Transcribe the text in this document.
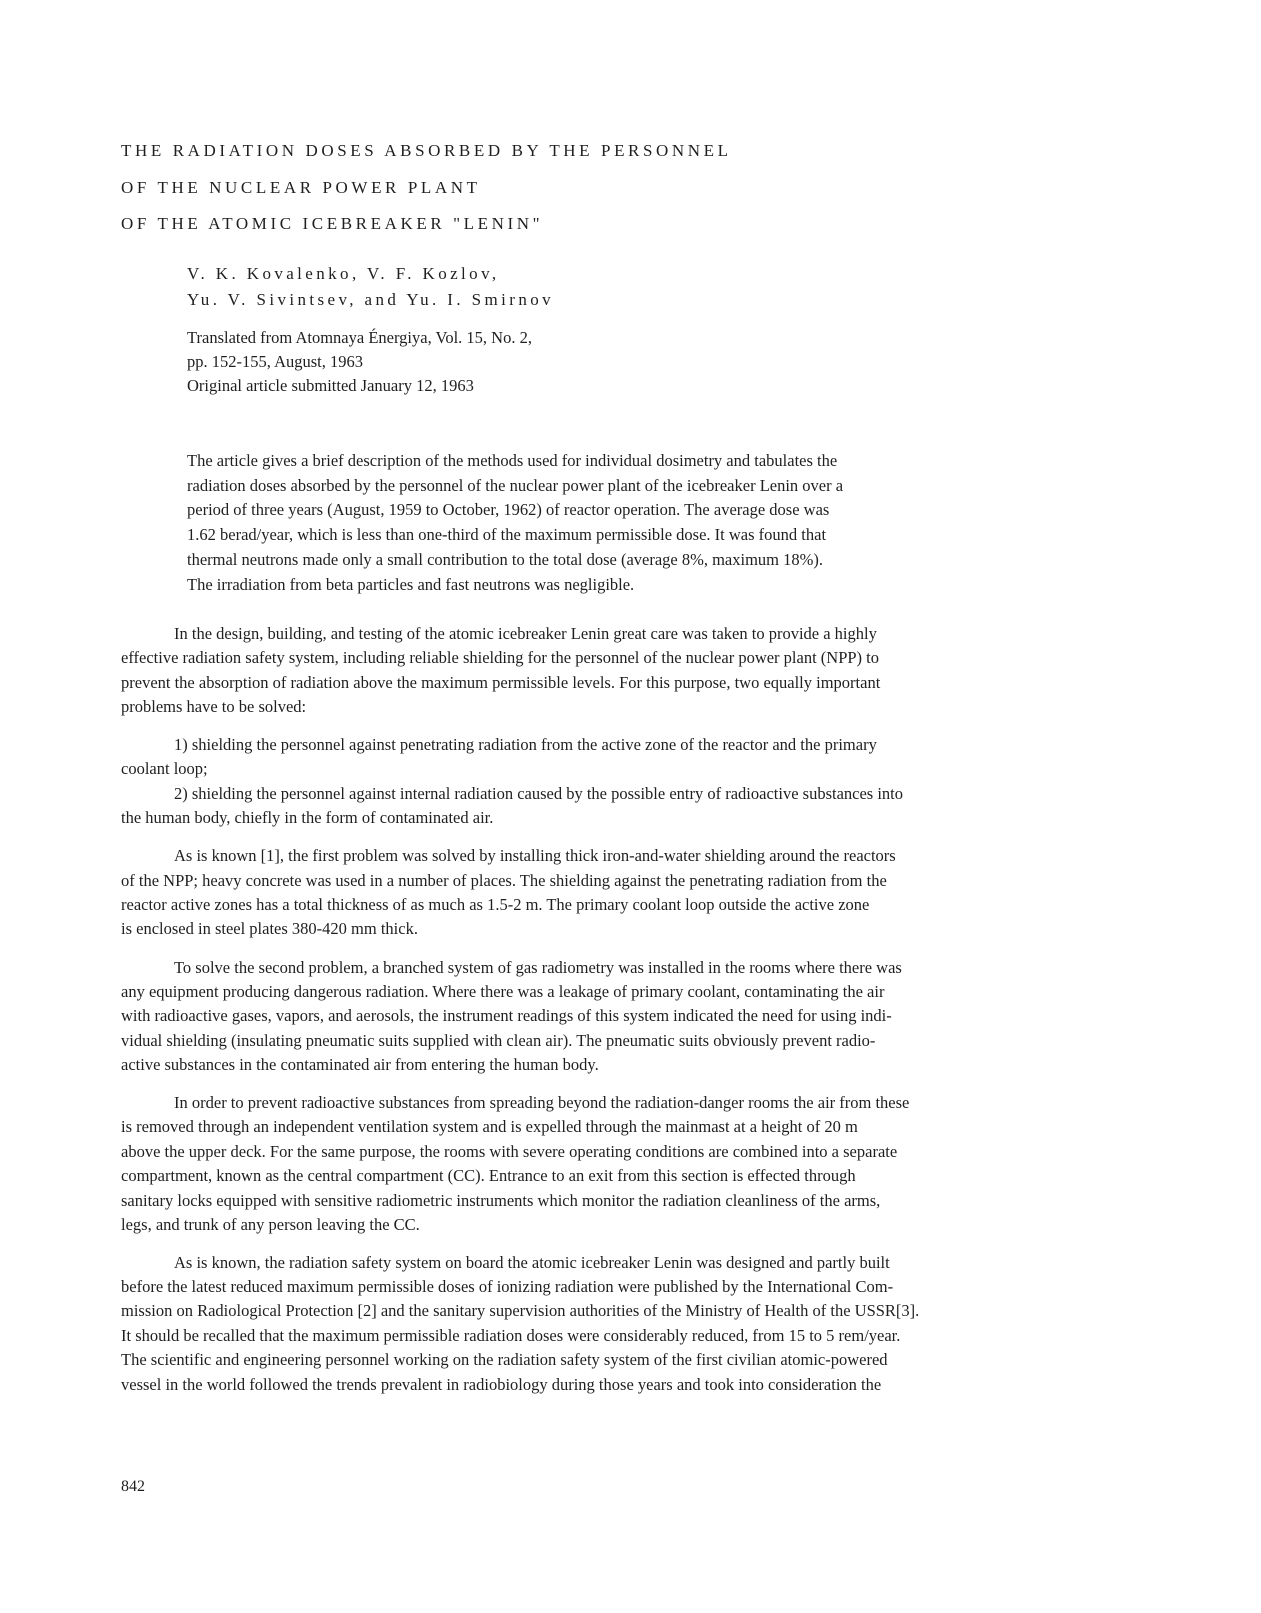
THE RADIATION DOSES ABSORBED BY THE PERSONNEL
OF THE NUCLEAR POWER PLANT
OF THE ATOMIC ICEBREAKER "LENIN"
V. K. Kovalenko, V. F. Kozlov,
Yu. V. Sivintsev, and Yu. I. Smirnov
Translated from Atomnaya Énergiya, Vol. 15, No. 2,
pp. 152-155, August, 1963
Original article submitted January 12, 1963
The article gives a brief description of the methods used for individual dosimetry and tabulates the
radiation doses absorbed by the personnel of the nuclear power plant of the icebreaker Lenin over a
period of three years (August, 1959 to October, 1962) of reactor operation. The average dose was
1.62 berad/year, which is less than one-third of the maximum permissible dose. It was found that
thermal neutrons made only a small contribution to the total dose (average 8%, maximum 18%).
The irradiation from beta particles and fast neutrons was negligible.
In the design, building, and testing of the atomic icebreaker Lenin great care was taken to provide a highly
effective radiation safety system, including reliable shielding for the personnel of the nuclear power plant (NPP) to
prevent the absorption of radiation above the maximum permissible levels. For this purpose, two equally important
problems have to be solved:
1) shielding the personnel against penetrating radiation from the active zone of the reactor and the primary
coolant loop;
2) shielding the personnel against internal radiation caused by the possible entry of radioactive substances into
the human body, chiefly in the form of contaminated air.
As is known [1], the first problem was solved by installing thick iron-and-water shielding around the reactors
of the NPP; heavy concrete was used in a number of places. The shielding against the penetrating radiation from the
reactor active zones has a total thickness of as much as 1.5-2 m. The primary coolant loop outside the active zone
is enclosed in steel plates 380-420 mm thick.
To solve the second problem, a branched system of gas radiometry was installed in the rooms where there was
any equipment producing dangerous radiation. Where there was a leakage of primary coolant, contaminating the air
with radioactive gases, vapors, and aerosols, the instrument readings of this system indicated the need for using indi-
vidual shielding (insulating pneumatic suits supplied with clean air). The pneumatic suits obviously prevent radio-
active substances in the contaminated air from entering the human body.
In order to prevent radioactive substances from spreading beyond the radiation-danger rooms the air from these
is removed through an independent ventilation system and is expelled through the mainmast at a height of 20 m
above the upper deck. For the same purpose, the rooms with severe operating conditions are combined into a separate
compartment, known as the central compartment (CC). Entrance to an exit from this section is effected through
sanitary locks equipped with sensitive radiometric instruments which monitor the radiation cleanliness of the arms,
legs, and trunk of any person leaving the CC.
As is known, the radiation safety system on board the atomic icebreaker Lenin was designed and partly built
before the latest reduced maximum permissible doses of ionizing radiation were published by the International Com-
mission on Radiological Protection [2] and the sanitary supervision authorities of the Ministry of Health of the USSR[3].
It should be recalled that the maximum permissible radiation doses were considerably reduced, from 15 to 5 rem/year.
The scientific and engineering personnel working on the radiation safety system of the first civilian atomic-powered
vessel in the world followed the trends prevalent in radiobiology during those years and took into consideration the
842
